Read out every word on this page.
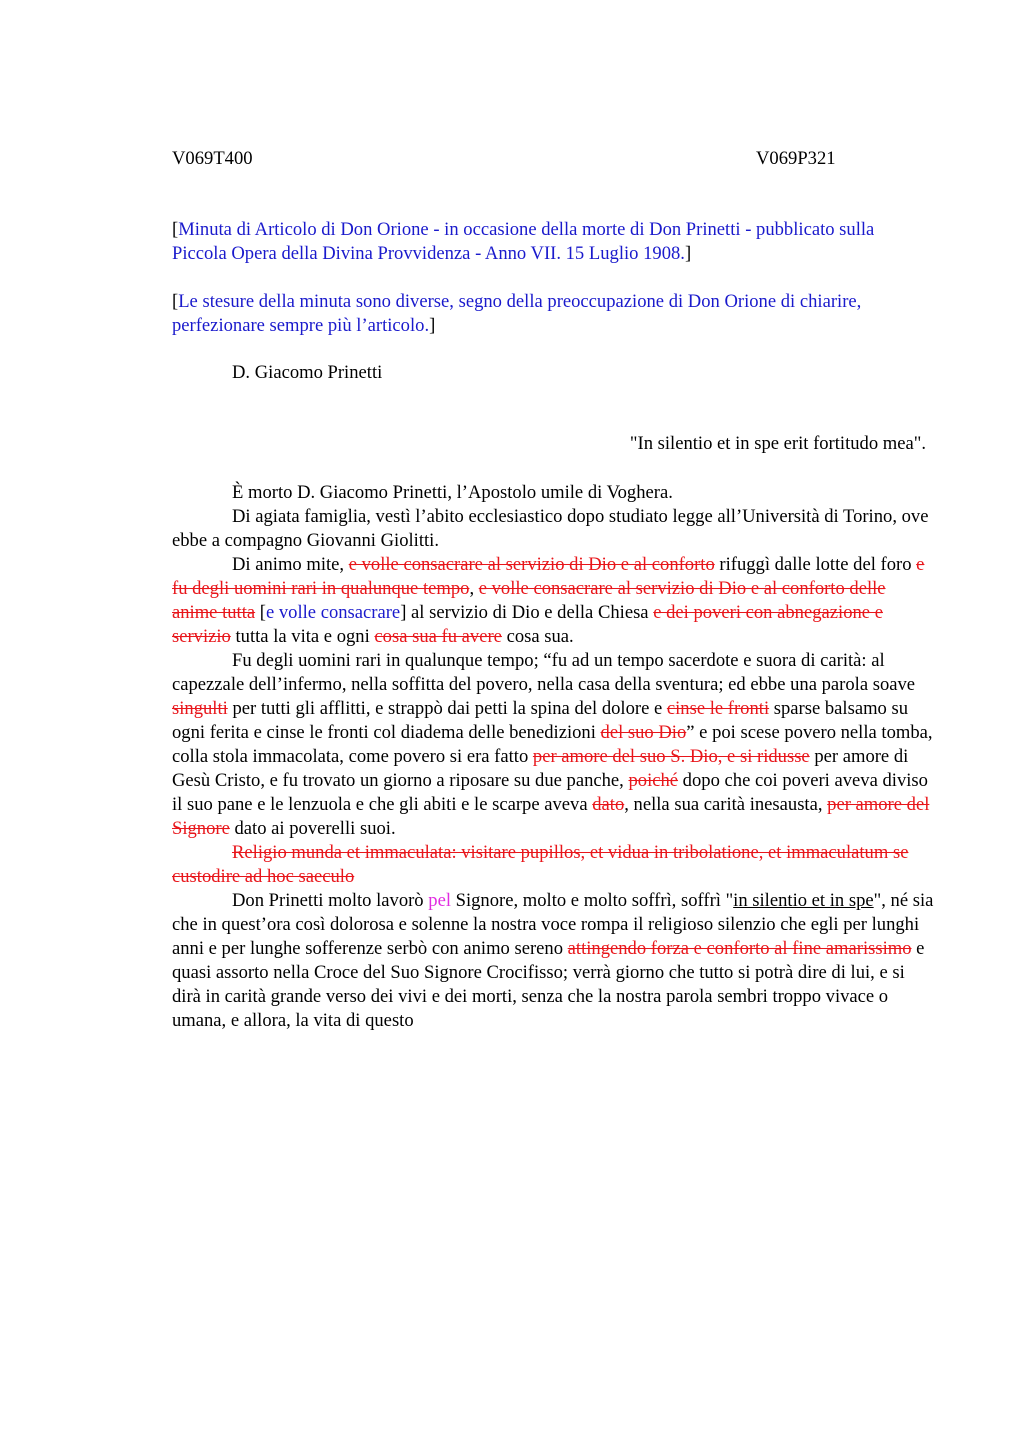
V069T400	V069P321
[Minuta di Articolo di Don Orione - in occasione della morte di Don Prinetti - pubblicato sulla Piccola Opera della Divina Provvidenza - Anno VII. 15 Luglio 1908.]
[Le stesure della minuta sono diverse, segno della preoccupazione di Don Orione di chiarire, perfezionare sempre più l’articolo.]
D. Giacomo Prinetti
"In silentio et in spe erit fortitudo mea".

È morto D. Giacomo Prinetti, l’Apostolo umile di Voghera.

Di agiata famiglia, vestì l’abito ecclesiastico dopo studiato legge all’Università di Torino, ove ebbe a compagno Giovanni Giolitti.

Di animo mite, e volle consacrare al servizio di Dio e al conforto rifuggì dalle lotte del foro e fu degli uomini rari in qualunque tempo, e volle consacrare al servizio di Dio e al conforto delle anime tutta [e volle consacrare] al servizio di Dio e della Chiesa e dei poveri con abnegazione e servizio tutta la vita e ogni cosa sua fu avere cosa sua.

Fu degli uomini rari in qualunque tempo; “fu ad un tempo sacerdote e suora di carità: al capezzale dell’infermo, nella soffitta del povero, nella casa della sventura; ed ebbe una parola soave singulti per tutti gli afflitti, e strappò dai petti la spina del dolore e cinse le fronti sparse balsamo su ogni ferita e cinse le fronti col diadema delle benedizioni del suo Dio” e poi scese povero nella tomba, colla stola immacolata, come povero si era fatto per amore del suo S. Dio, e si ridusse per amore di Gesù Cristo, e fu trovato un giorno a riposare su due panche, poiché dopo che coi poveri aveva diviso il suo pane e le lenzuola e che gli abiti e le scarpe aveva dato, nella sua carità inesausta, per amore del Signore dato ai poverelli suoi.

Religio munda et immaculata: visitare pupillos, et vidua in tribolatione, et immaculatum se custodire ad hoc saeculo

Don Prinetti molto lavorò pel Signore, molto e molto soffrì, soffrì "in silentio et in spe", né sia che in quest’ora così dolorosa e solenne la nostra voce rompa il religioso silenzio che egli per lunghi anni e per lunghe sofferenze serbò con animo sereno attingendo forza e conforto al fine amarissimo e quasi assorto nella Croce del Suo Signore Crocifisso; verrà giorno che tutto si potrà dire di lui, e si dirà in carità grande verso dei vivi e dei morti, senza che la nostra parola sembri troppo vivace o umana, e allora, la vita di questo
